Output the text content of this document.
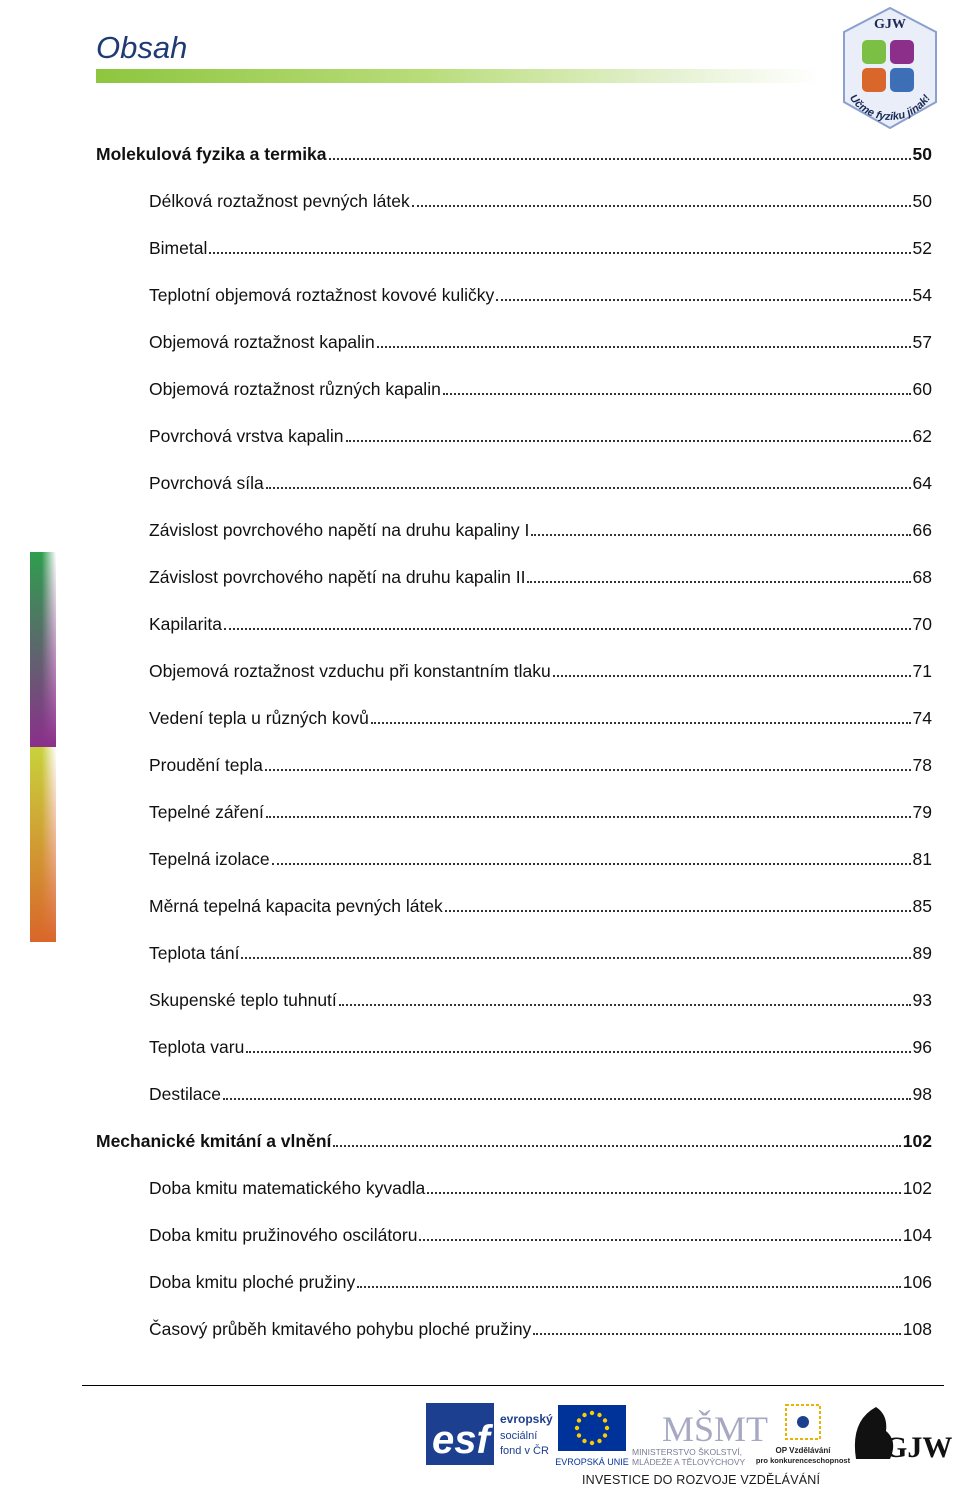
Obsah
GJW
Učme fyziku jinak!
Molekulová fyzika a termika	50
Délková roztažnost pevných látek	50
Bimetal	52
Teplotní objemová roztažnost kovové kuličky	54
Objemová roztažnost kapalin	57
Objemová roztažnost různých kapalin	60
Povrchová vrstva kapalin	62
Povrchová síla	64
Závislost povrchového napětí na druhu kapaliny I	66
Závislost povrchového napětí na druhu kapalin II	68
Kapilarita	70
Objemová roztažnost vzduchu při konstantním tlaku	71
Vedení tepla u různých kovů	74
Proudění tepla	78
Tepelné záření	79
Tepelná izolace	81
Měrná tepelná kapacita pevných látek	85
Teplota tání	89
Skupenské teplo tuhnutí	93
Teplota varu	96
Destilace	98
Mechanické kmitání a vlnění	102
Doba kmitu matematického kyvadla	102
Doba kmitu pružinového oscilátoru	104
Doba kmitu ploché pružiny	106
Časový průběh kmitavého pohybu ploché pružiny	108
esf evropský
sociální
fond v ČR
EVROPSKÁ UNIE
MŠMT
MINISTERSTVO ŠKOLSTVÍ,
MLÁDEŽE A TĚLOVÝCHOVY
OP Vzdělávání
pro konkurenceschopnost GJW
INVESTICE DO ROZVOJE VZDĚLÁVÁNÍ
